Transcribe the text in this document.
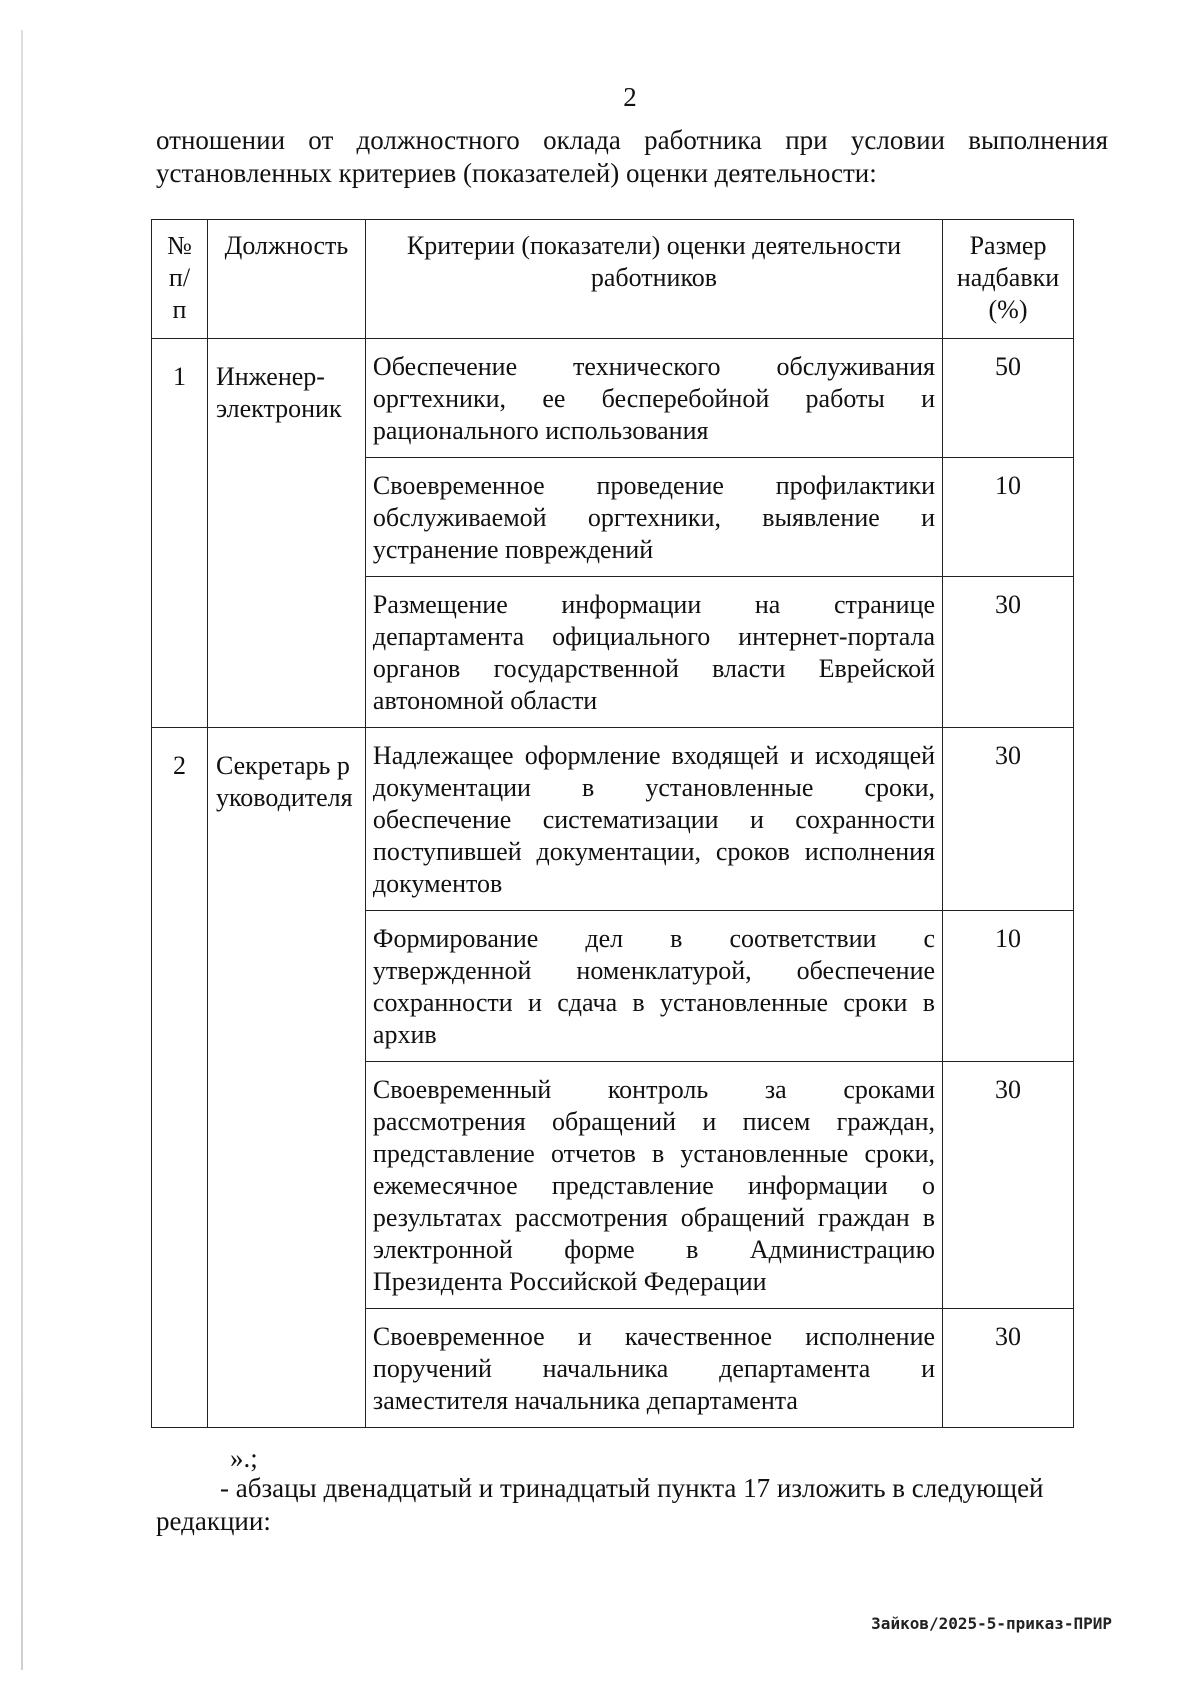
2
отношении от должностного оклада работника при условии выполнения
установленных критериев (показателей) оценки деятельности:
№ п/п	Должность	Критерии (показатели) оценки деятельности работников	Размер надбавки (%)
1	Инженер-электроник	Обеспечение технического обслуживания оргтехники, ее бесперебойной работы и рационального использования	50
		Своевременное проведение профилактики обслуживаемой оргтехники, выявление и устранение повреждений	10
		Размещение информации на странице департамента официального интернет-портала органов государственной власти Еврейской автономной области	30
2	Секретарь руководителя	Надлежащее оформление входящей и исходящей документации в установленные сроки, обеспечение систематизации и сохранности поступившей документации, сроков исполнения документов	30
		Формирование дел в соответствии с утвержденной номенклатурой, обеспечение сохранности и сдача в установленные сроки в архив	10
		Своевременный контроль за сроками рассмотрения обращений и писем граждан, представление отчетов в установленные сроки, ежемесячное представление информации о результатах рассмотрения обращений граждан в электронной форме в Администрацию Президента Российской Федерации	30
		Своевременное и качественное исполнение поручений начальника департамента и заместителя начальника департамента	30
».;
- абзацы двенадцатый и тринадцатый пункта 17 изложить в следующей
редакции:
Зайков/2025-5-приказ-ПРИР
